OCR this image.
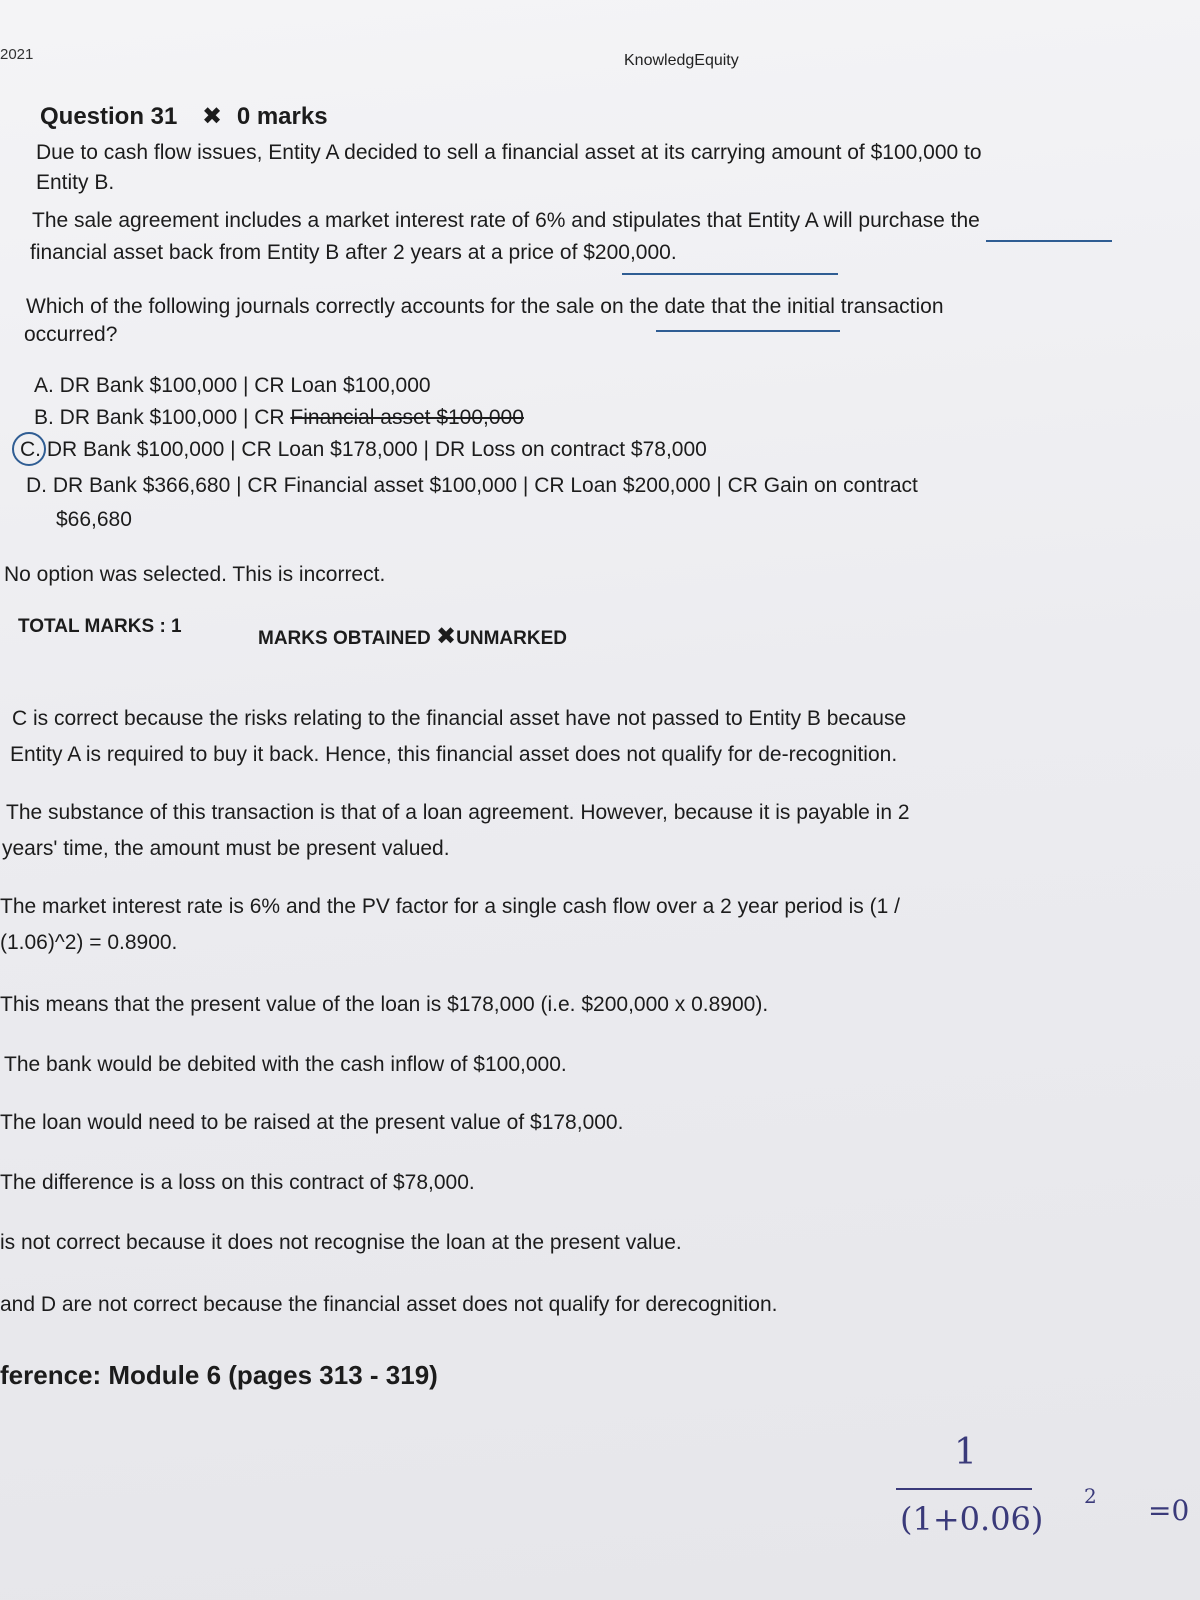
2021	KnowledgEquity
Question 31 ✖ 0 marks
Due to cash flow issues, Entity A decided to sell a financial asset at its carrying amount of $100,000 to
Entity B.
The sale agreement includes a market interest rate of 6% and stipulates that Entity A will purchase the
financial asset back from Entity B after 2 years at a price of $200,000.
Which of the following journals correctly accounts for the sale on the date that the initial transaction
occurred?
A. DR Bank $100,000 | CR Loan $100,000
B. DR Bank $100,000 | CR Financial asset $100,000
C. DR Bank $100,000 | CR Loan $178,000 | DR Loss on contract $78,000
D. DR Bank $366,680 | CR Financial asset $100,000 | CR Loan $200,000 | CR Gain on contract
$66,680
No option was selected. This is incorrect.
TOTAL MARKS : 1
MARKS OBTAINED ✖UNMARKED
C is correct because the risks relating to the financial asset have not passed to Entity B because
Entity A is required to buy it back. Hence, this financial asset does not qualify for de-recognition.
The substance of this transaction is that of a loan agreement. However, because it is payable in 2
years' time, the amount must be present valued.
The market interest rate is 6% and the PV factor for a single cash flow over a 2 year period is (1 /
(1.06)^2) = 0.8900.
This means that the present value of the loan is $178,000 (i.e. $200,000 x 0.8900).
The bank would be debited with the cash inflow of $100,000.
The loan would need to be raised at the present value of $178,000.
The difference is a loss on this contract of $78,000.
is not correct because it does not recognise the loan at the present value.
and D are not correct because the financial asset does not qualify for derecognition.
ference: Module 6 (pages 313 - 319)
1
(1+0.06)
2 =0
